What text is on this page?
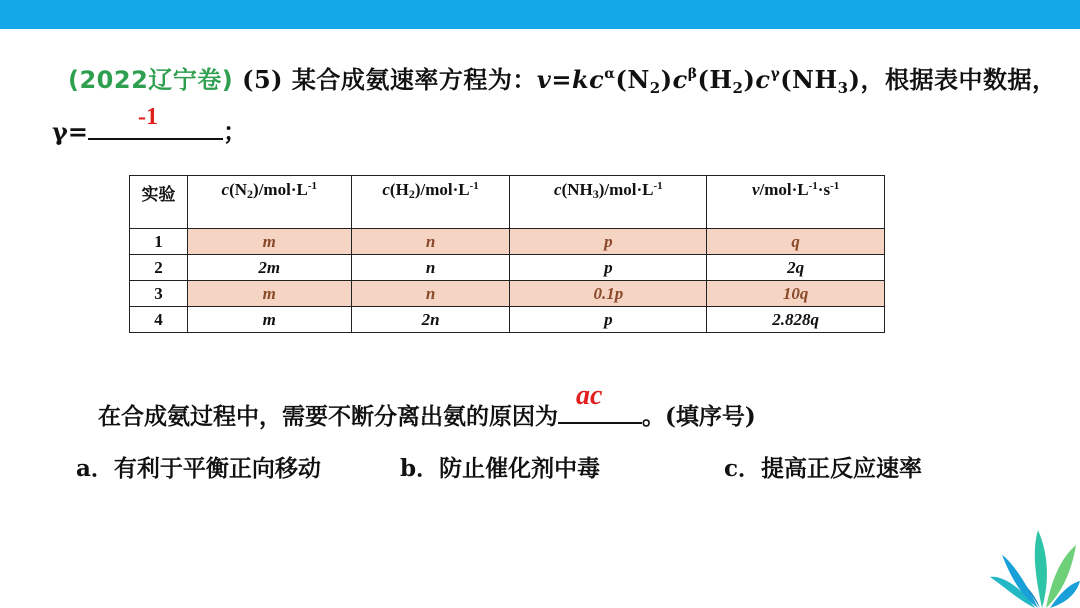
(2022辽宁卷) (5) 某合成氨速率方程为：$v=kc^\alpha(N_2)c^\beta(H_2)c^\gamma(NH_3)$，根据表中数据，
γ= -1	；
实验	$c(N2)/mol\cdot L^{-1}$	$c(H2)/mol\cdot L^{-1}$	$c(NH3)/mol\cdot L^{-1}$	$v/mol\cdot L^{-1}\cdot s^{-1}$
1	m	n	p	q
2	2m	n	p	2q
3	m	n	0.1p	10q
4	m	2n	p	2.828q
在合成氨过程中，需要不断分离出氨的原因为
ac
。(填序号)
a．有利于平衡正向移动	b．防止催化剂中毒	c．提高正反应速率
